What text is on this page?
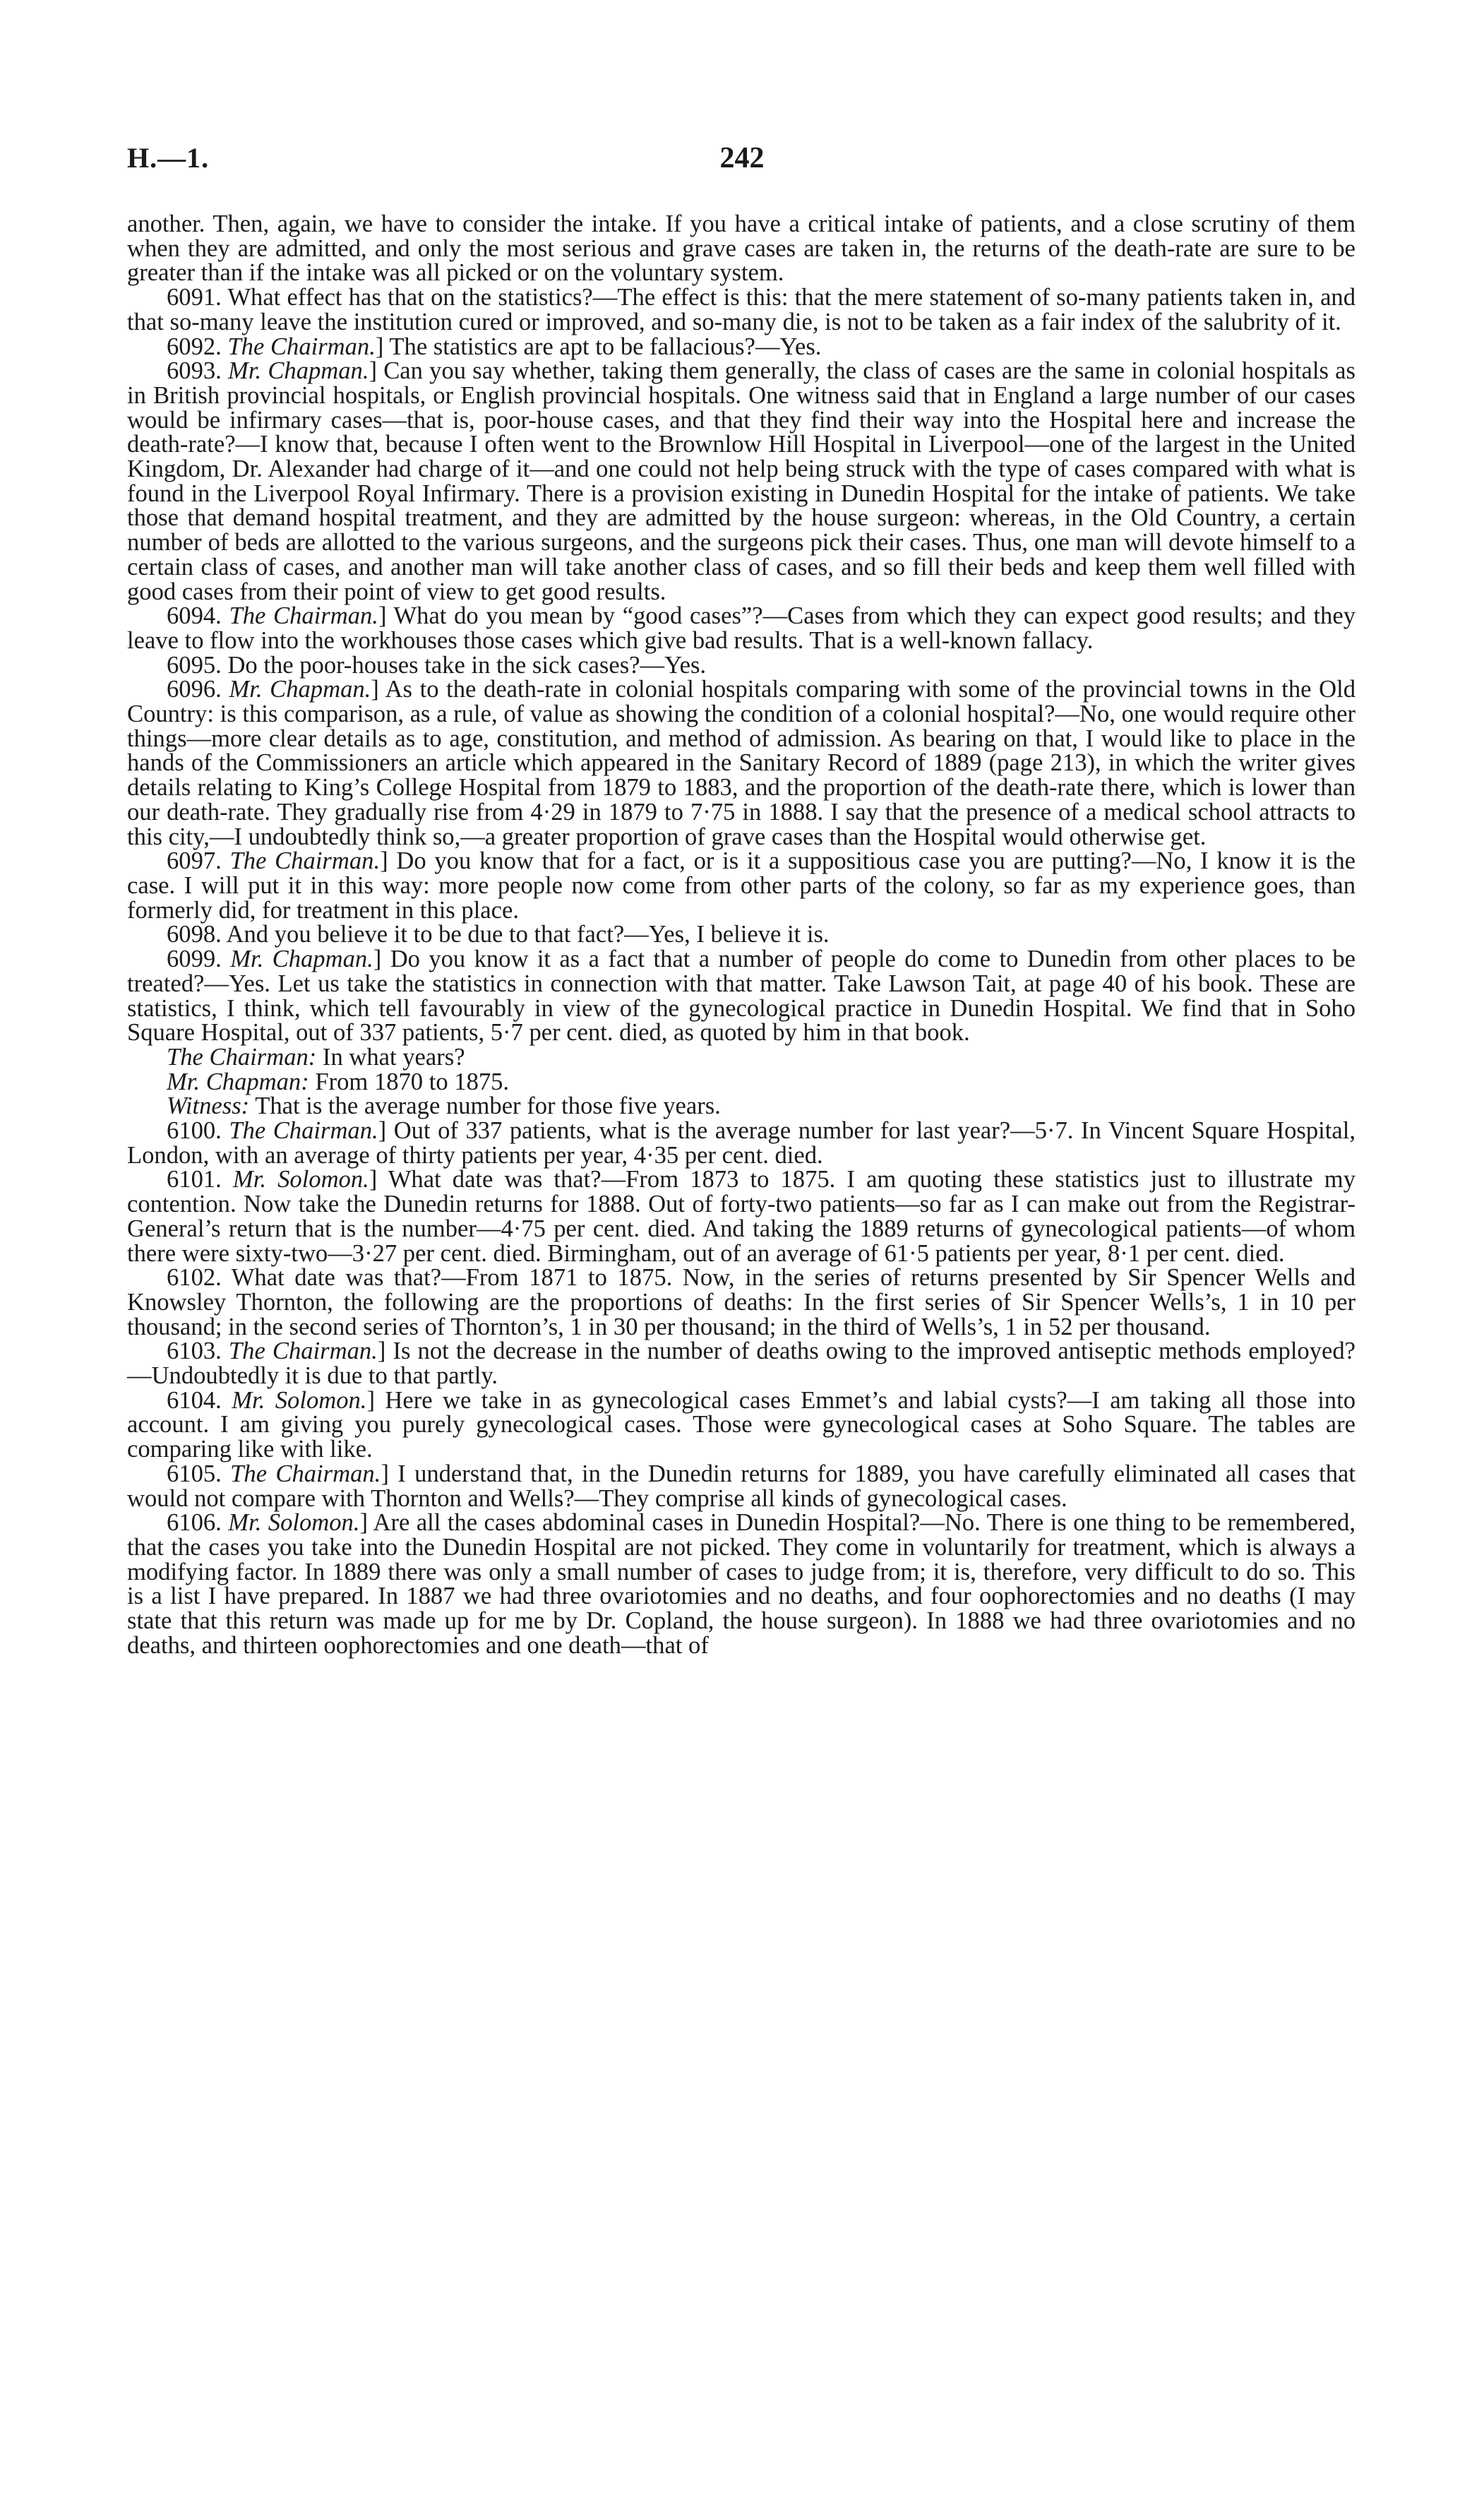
H.—1.	242

another. Then, again, we have to consider the intake. If you have a critical intake of patients, and a close scrutiny of them when they are admitted, and only the most serious and grave cases are taken in, the returns of the death-rate are sure to be greater than if the intake was all picked or on the voluntary system.

6091. What effect has that on the statistics?—The effect is this: that the mere statement of so-many patients taken in, and that so-many leave the institution cured or improved, and so-many die, is not to be taken as a fair index of the salubrity of it.

6092. The Chairman.] The statistics are apt to be fallacious?—Yes.

6093. Mr. Chapman.] Can you say whether, taking them generally, the class of cases are the same in colonial hospitals as in British provincial hospitals, or English provincial hospitals. One witness said that in England a large number of our cases would be infirmary cases—that is, poor-house cases, and that they find their way into the Hospital here and increase the death-rate?—I know that, because I often went to the Brownlow Hill Hospital in Liverpool—one of the largest in the United Kingdom, Dr. Alexander had charge of it—and one could not help being struck with the type of cases compared with what is found in the Liverpool Royal Infirmary. There is a provision existing in Dunedin Hospital for the intake of patients. We take those that demand hospital treatment, and they are admitted by the house surgeon: whereas, in the Old Country, a certain number of beds are allotted to the various surgeons, and the surgeons pick their cases. Thus, one man will devote himself to a certain class of cases, and another man will take another class of cases, and so fill their beds and keep them well filled with good cases from their point of view to get good results.

6094. The Chairman.] What do you mean by “good cases”?—Cases from which they can expect good results; and they leave to flow into the workhouses those cases which give bad results. That is a well-known fallacy.

6095. Do the poor-houses take in the sick cases?—Yes.

6096. Mr. Chapman.] As to the death-rate in colonial hospitals comparing with some of the provincial towns in the Old Country: is this comparison, as a rule, of value as showing the condition of a colonial hospital?—No, one would require other things—more clear details as to age, constitution, and method of admission. As bearing on that, I would like to place in the hands of the Commissioners an article which appeared in the Sanitary Record of 1889 (page 213), in which the writer gives details relating to King’s College Hospital from 1879 to 1883, and the proportion of the death-rate there, which is lower than our death-rate. They gradually rise from 4·29 in 1879 to 7·75 in 1888. I say that the presence of a medical school attracts to this city,—I undoubtedly think so,—a greater proportion of grave cases than the Hospital would otherwise get.

6097. The Chairman.] Do you know that for a fact, or is it a suppositious case you are putting?—No, I know it is the case. I will put it in this way: more people now come from other parts of the colony, so far as my experience goes, than formerly did, for treatment in this place.

6098. And you believe it to be due to that fact?—Yes, I believe it is.

6099. Mr. Chapman.] Do you know it as a fact that a number of people do come to Dunedin from other places to be treated?—Yes. Let us take the statistics in connection with that matter. Take Lawson Tait, at page 40 of his book. These are statistics, I think, which tell favourably in view of the gynecological practice in Dunedin Hospital. We find that in Soho Square Hospital, out of 337 patients, 5·7 per cent. died, as quoted by him in that book.

The Chairman: In what years?

Mr. Chapman: From 1870 to 1875.

Witness: That is the average number for those five years.

6100. The Chairman.] Out of 337 patients, what is the average number for last year?—5·7. In Vincent Square Hospital, London, with an average of thirty patients per year, 4·35 per cent. died.

6101. Mr. Solomon.] What date was that?—From 1873 to 1875. I am quoting these statistics just to illustrate my contention. Now take the Dunedin returns for 1888. Out of forty-two patients—so far as I can make out from the Registrar-General’s return that is the number—4·75 per cent. died. And taking the 1889 returns of gynecological patients—of whom there were sixty-two—3·27 per cent. died. Birmingham, out of an average of 61·5 patients per year, 8·1 per cent. died.

6102. What date was that?—From 1871 to 1875. Now, in the series of returns presented by Sir Spencer Wells and Knowsley Thornton, the following are the proportions of deaths: In the first series of Sir Spencer Wells’s, 1 in 10 per thousand; in the second series of Thornton’s, 1 in 30 per thousand; in the third of Wells’s, 1 in 52 per thousand.

6103. The Chairman.] Is not the decrease in the number of deaths owing to the improved antiseptic methods employed?—Undoubtedly it is due to that partly.

6104. Mr. Solomon.] Here we take in as gynecological cases Emmet’s and labial cysts?—I am taking all those into account. I am giving you purely gynecological cases. Those were gynecological cases at Soho Square. The tables are comparing like with like.

6105. The Chairman.] I understand that, in the Dunedin returns for 1889, you have carefully eliminated all cases that would not compare with Thornton and Wells?—They comprise all kinds of gynecological cases.

6106. Mr. Solomon.] Are all the cases abdominal cases in Dunedin Hospital?—No. There is one thing to be remembered, that the cases you take into the Dunedin Hospital are not picked. They come in voluntarily for treatment, which is always a modifying factor. In 1889 there was only a small number of cases to judge from; it is, therefore, very difficult to do so. This is a list I have prepared. In 1887 we had three ovariotomies and no deaths, and four oophorectomies and no deaths (I may state that this return was made up for me by Dr. Copland, the house surgeon). In 1888 we had three ovariotomies and no deaths, and thirteen oophorectomies and one death—that of
